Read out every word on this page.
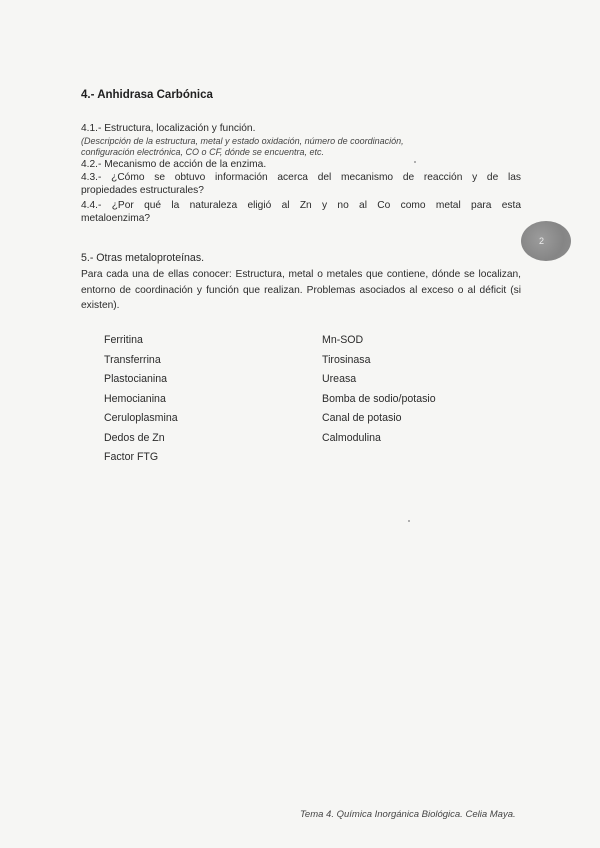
4.- Anhidrasa Carbónica
4.1.- Estructura, localización y función.
(Descripción de la estructura, metal y estado oxidación, número de coordinación,
configuración electrónica, CO o CF, dónde se encuentra, etc.
4.2.- Mecanismo de acción de la enzima.
4.3.- ¿Cómo se obtuvo información acerca del mecanismo de reacción y de las
propiedades estructurales?
4.4.- ¿Por qué la naturaleza eligió al Zn y no al Co como metal para esta
metaloenzima?
2
5.- Otras metaloproteínas.
Para cada una de ellas conocer: Estructura, metal o metales que contiene, dónde se localizan, entorno de coordinación y función que realizan. Problemas asociados al exceso o al déficit (si existen).
Ferritina
Transferrina
Plastocianina
Hemocianina
Ceruloplasmina
Dedos de Zn
Factor FTG
Mn-SOD
Tirosinasa
Ureasa
Bomba de sodio/potasio
Canal de potasio
Calmodulina
Tema 4. Química Inorgánica Biológica. Celia Maya.
